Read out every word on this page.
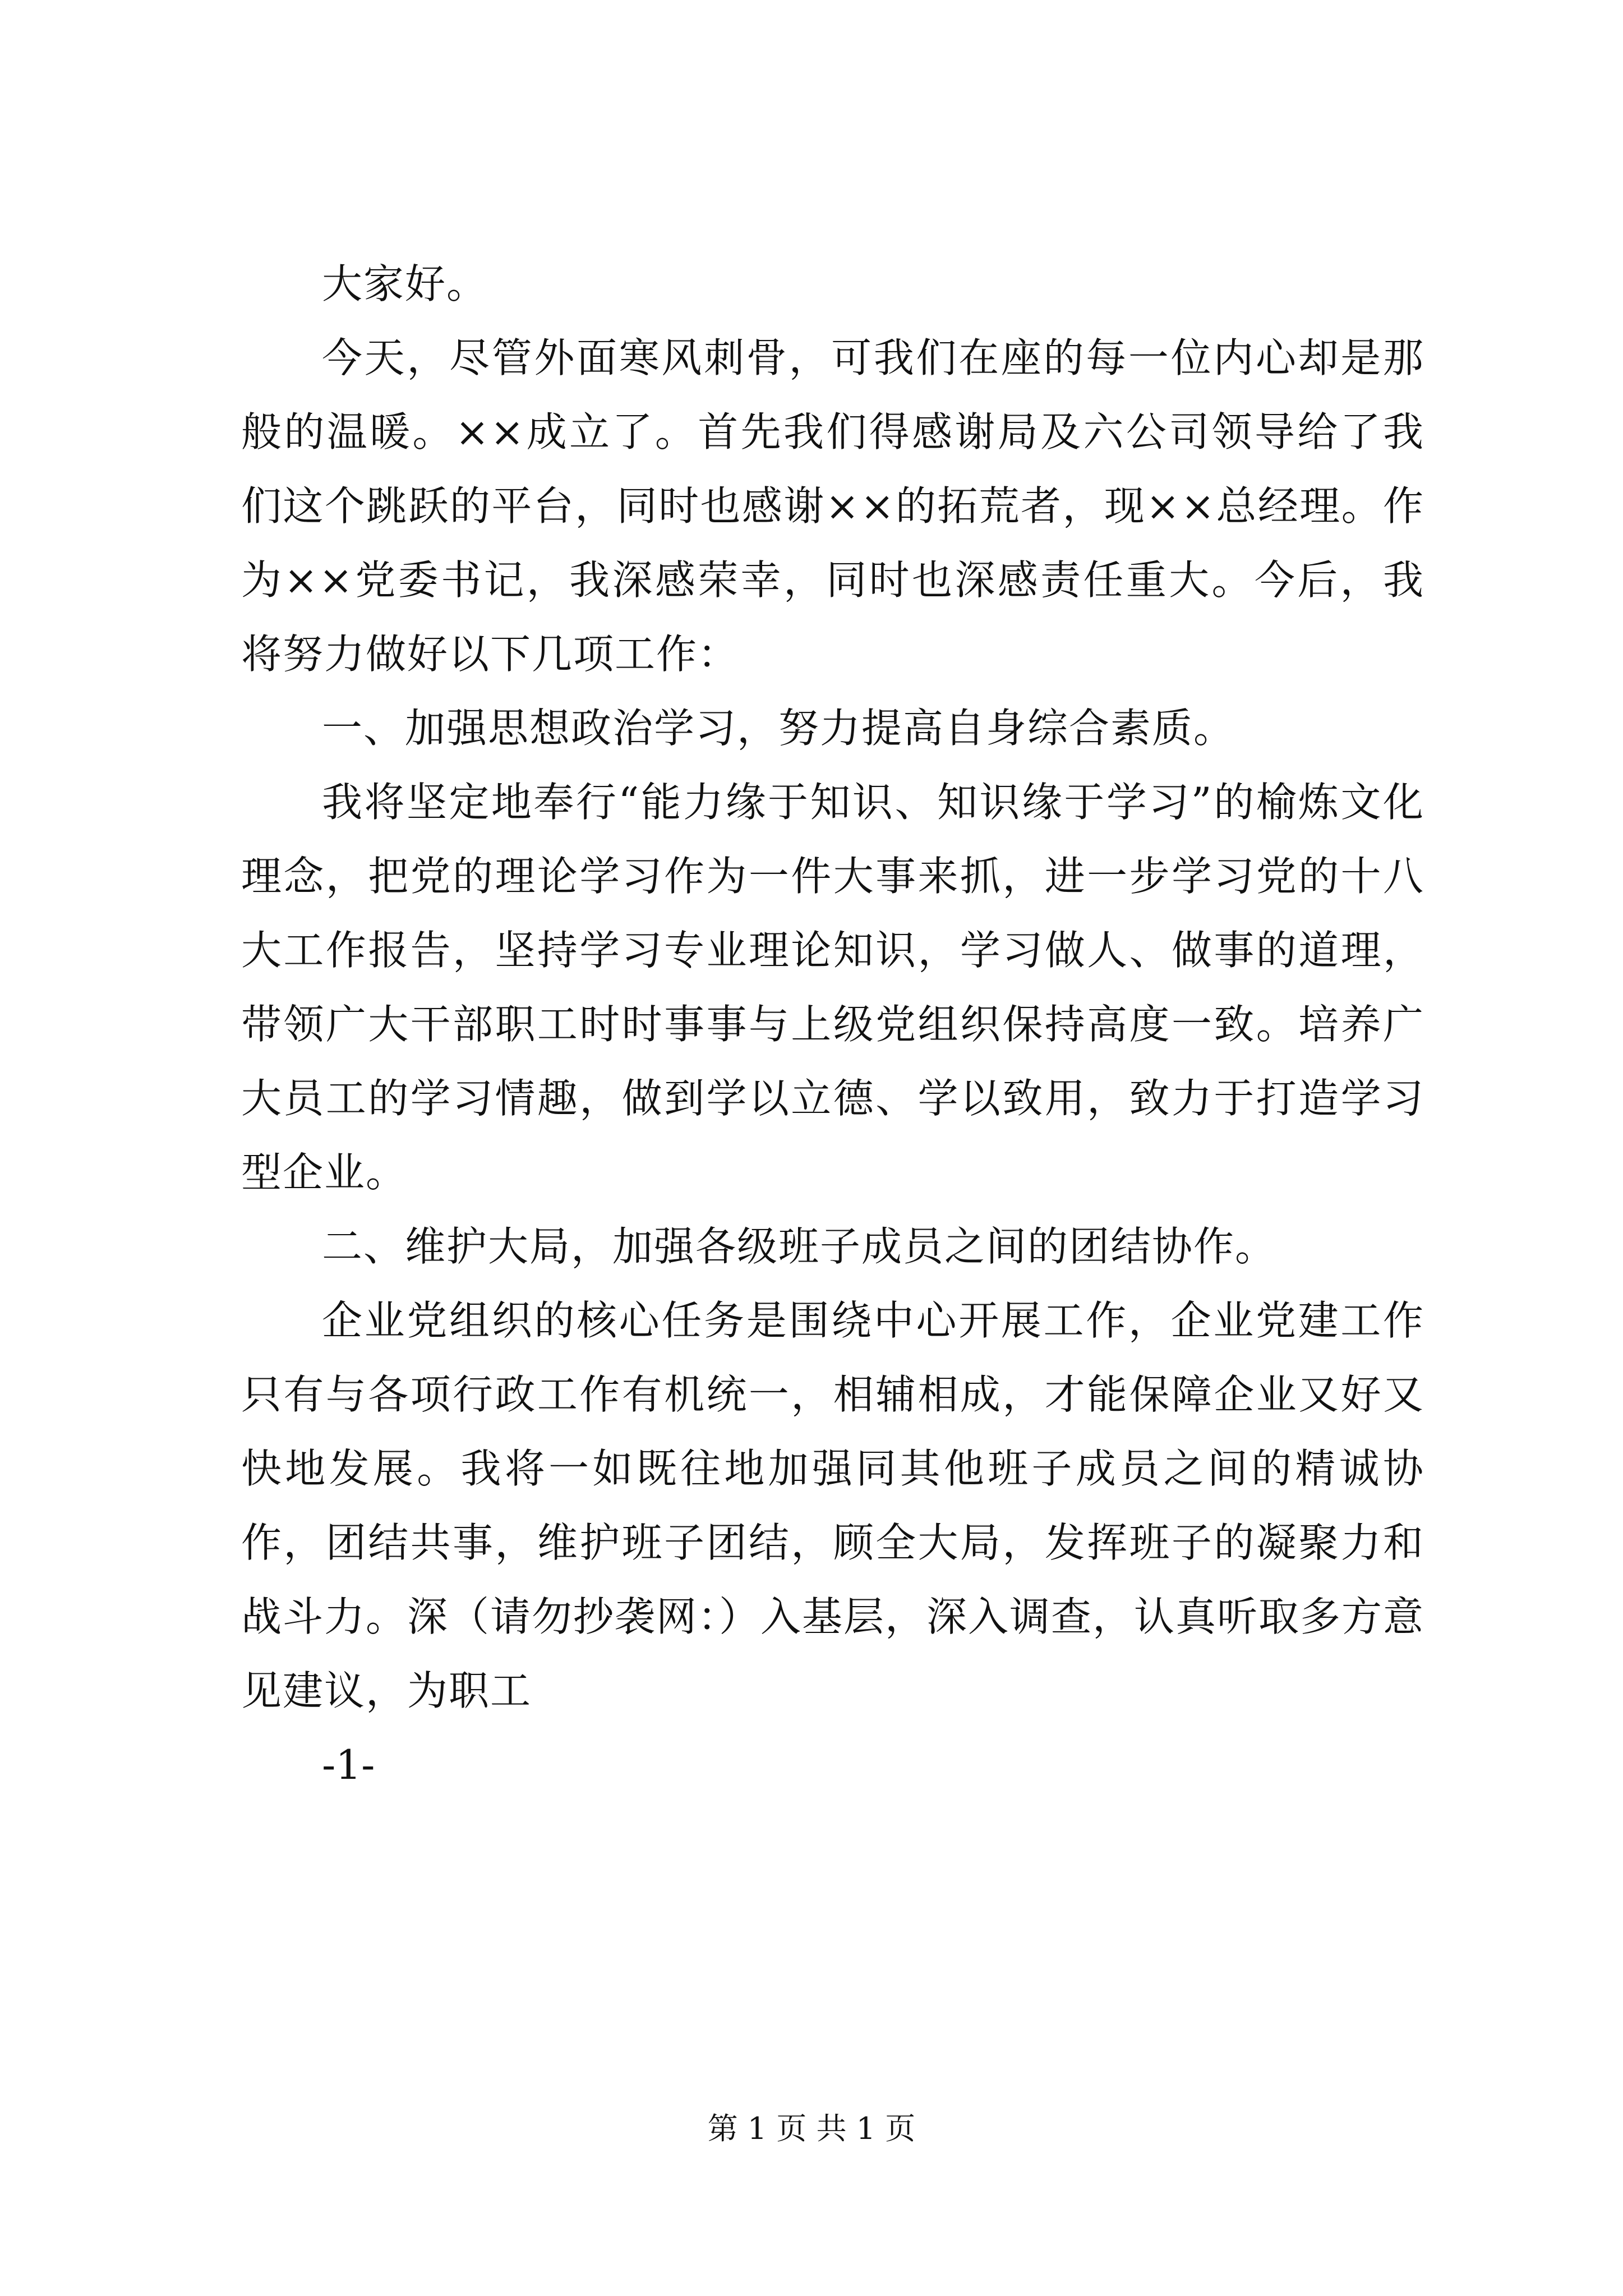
大家好。

今天，尽管外面寒风刺骨，可我们在座的每一位内心却是那般的温暖。××成立了。首先我们得感谢局及六公司领导给了我们这个跳跃的平台，同时也感谢××的拓荒者，现××总经理。作为××党委书记，我深感荣幸，同时也深感责任重大。今后，我将努力做好以下几项工作：

一、加强思想政治学习，努力提高自身综合素质。

我将坚定地奉行“能力缘于知识、知识缘于学习”的榆炼文化理念，把党的理论学习作为一件大事来抓，进一步学习党的十八大工作报告，坚持学习专业理论知识，学习做人、做事的道理，带领广大干部职工时时事事与上级党组织保持高度一致。培养广大员工的学习情趣，做到学以立德、学以致用，致力于打造学习型企业。

二、维护大局，加强各级班子成员之间的团结协作。

企业党组织的核心任务是围绕中心开展工作，企业党建工作只有与各项行政工作有机统一，相辅相成，才能保障企业又好又快地发展。我将一如既往地加强同其他班子成员之间的精诚协作，团结共事，维护班子团结，顾全大局，发挥班子的凝聚力和战斗力。深（请勿抄袭网：）入基层，深入调查，认真听取多方意见建议，为职工

-1-

第 1 页 共 1 页
